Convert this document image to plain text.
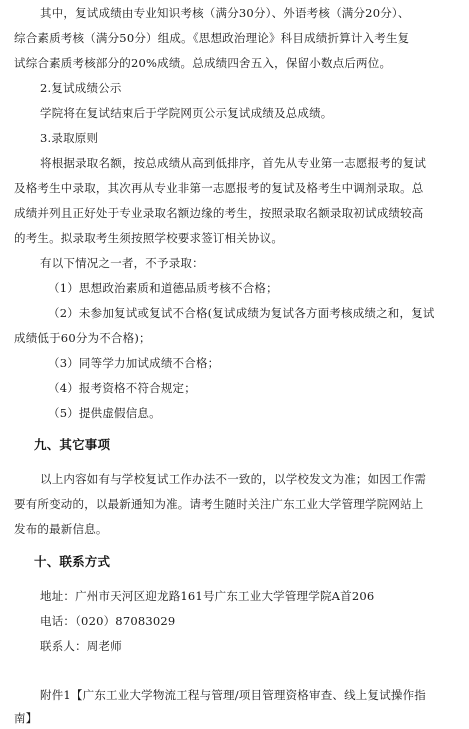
其中，复试成绩由专业知识考核（满分30分）、外语考核（满分20分）、
综合素质考核（满分50分）组成。《思想政治理论》科目成绩折算计入考生复
试综合素质考核部分的20%成绩。总成绩四舍五入，保留小数点后两位。
2.复试成绩公示
学院将在复试结束后于学院网页公示复试成绩及总成绩。
3.录取原则
将根据录取名额，按总成绩从高到低排序，首先从专业第一志愿报考的复试
及格考生中录取，其次再从专业非第一志愿报考的复试及格考生中调剂录取。总
成绩并列且正好处于专业录取名额边缘的考生，按照录取名额录取初试成绩较高
的考生。拟录取考生须按照学校要求签订相关协议。
有以下情况之一者，不予录取：
（1）思想政治素质和道德品质考核不合格；
（2）未参加复试或复试不合格(复试成绩为复试各方面考核成绩之和，复试
成绩低于60分为不合格)；
（3）同等学力加试成绩不合格；
（4）报考资格不符合规定；
（5）提供虚假信息。
九、其它事项
以上内容如有与学校复试工作办法不一致的，以学校发文为准；如因工作需
要有所变动的，以最新通知为准。请考生随时关注广东工业大学管理学院网站上
发布的最新信息。
十、联系方式
地址：广州市天河区迎龙路161号广东工业大学管理学院A首206
电话：（020）87083029
联系人：周老师
附件1【广东工业大学物流工程与管理/项目管理资格审查、线上复试操作指
南】
